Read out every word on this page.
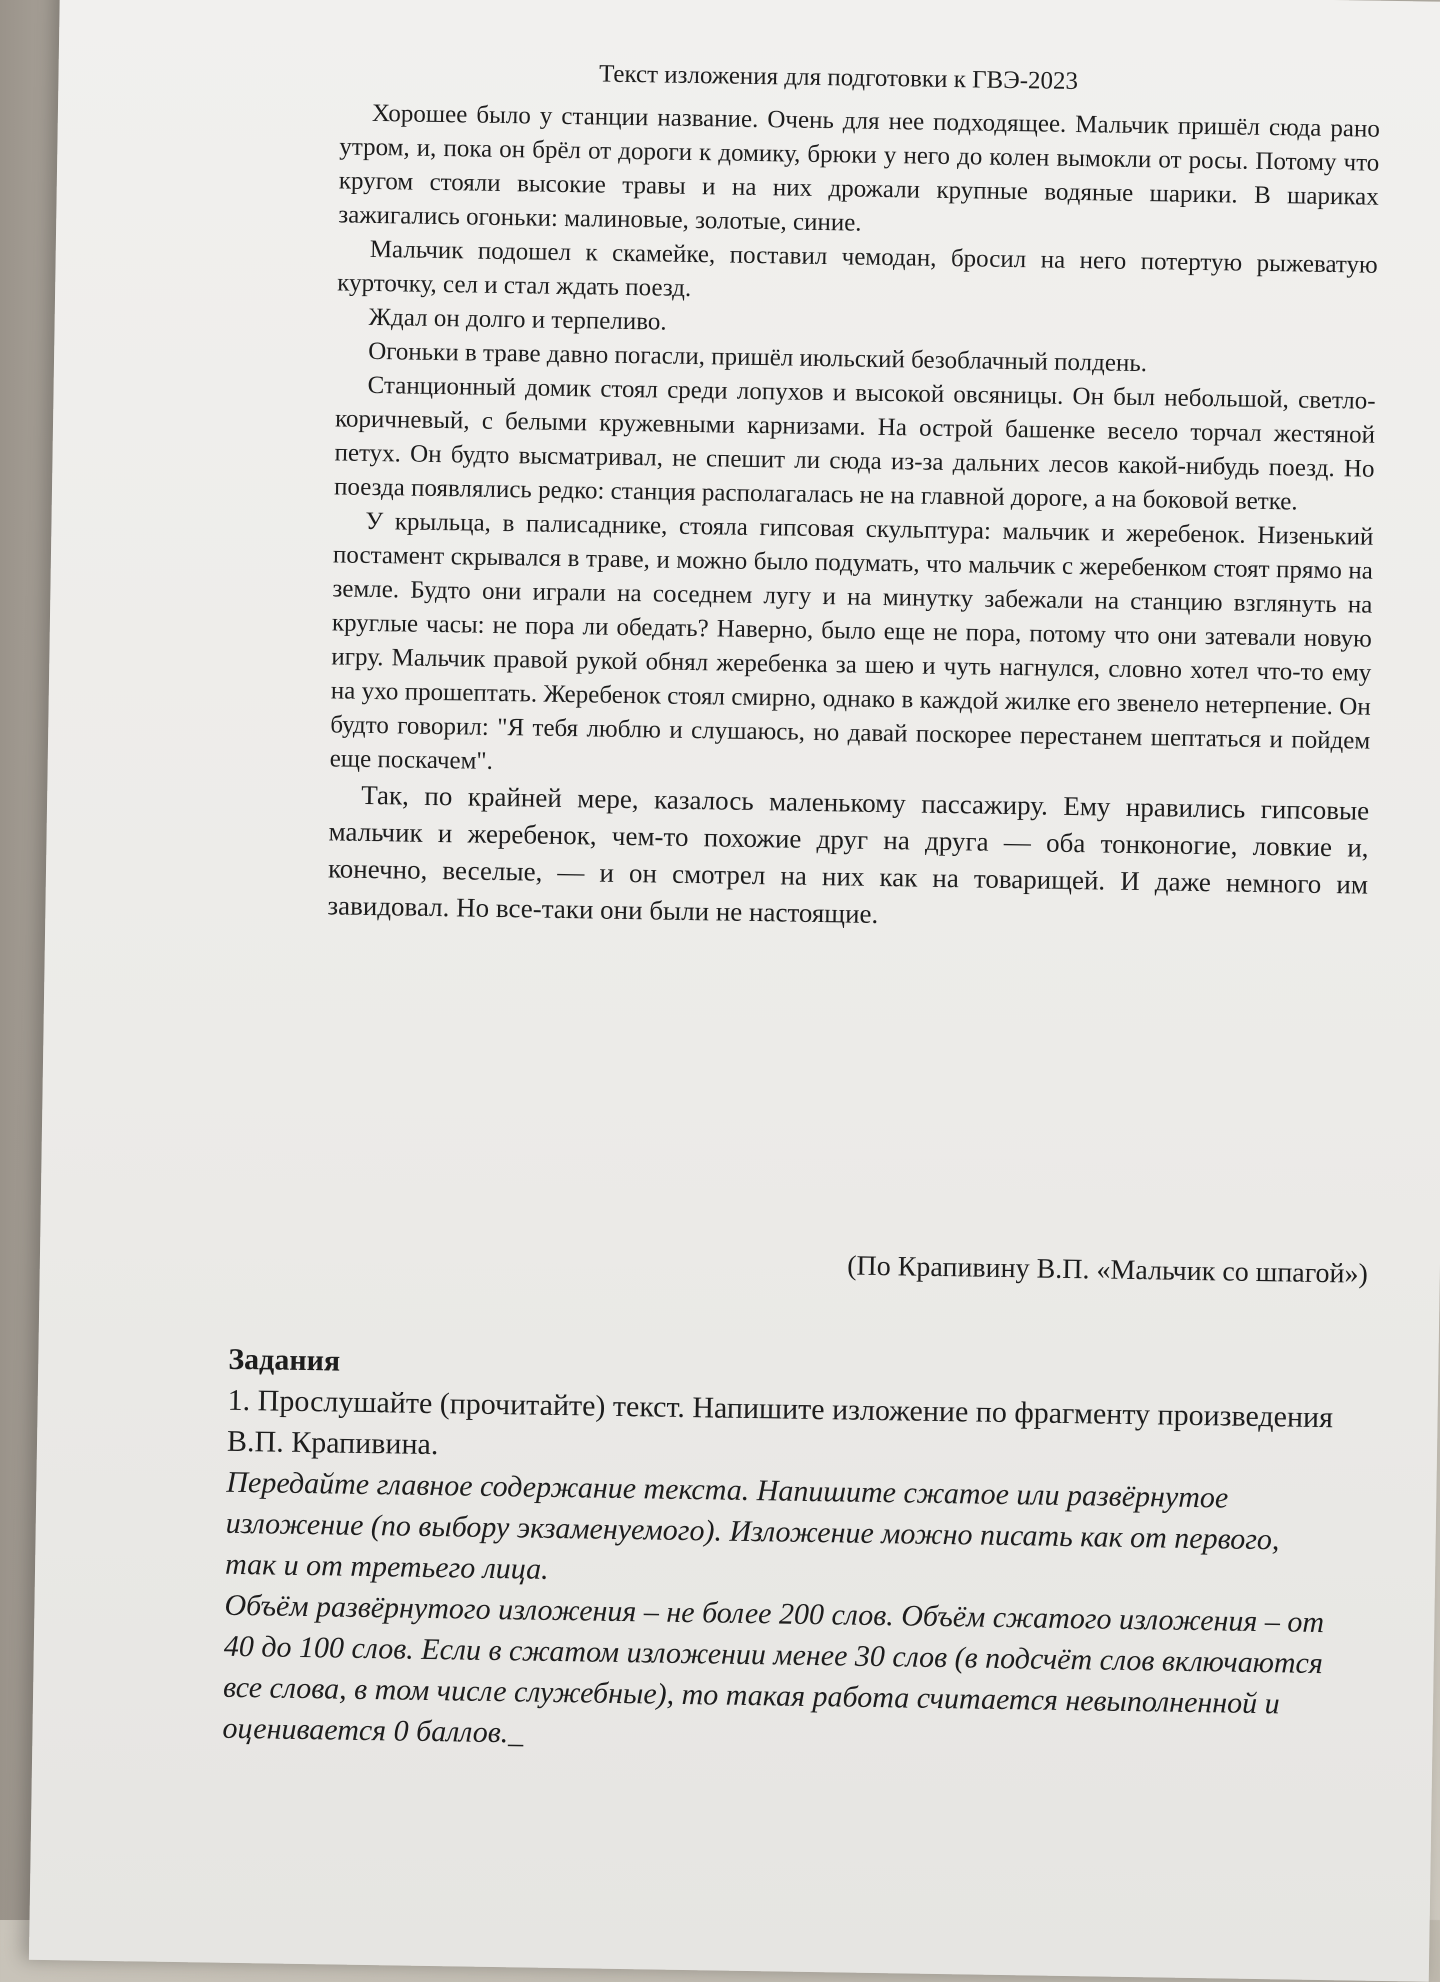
Текст изложения для подготовки к ГВЭ-2023

Хорошее было у станции название. Очень для нее подходящее. Мальчик пришёл сюда рано утром, и, пока он брёл от дороги к домику, брюки у него до колен вымокли от росы. Потому что кругом стояли высокие травы и на них дрожали крупные водяные шарики. В шариках зажигались огоньки: малиновые, золотые, синие.

Мальчик подошел к скамейке, поставил чемодан, бросил на него потертую рыжеватую курточку, сел и стал ждать поезд.

Ждал он долго и терпеливо.

Огоньки в траве давно погасли, пришёл июльский безоблачный полдень.

Станционный домик стоял среди лопухов и высокой овсяницы. Он был небольшой, светло-коричневый, с белыми кружевными карнизами. На острой башенке весело торчал жестяной петух. Он будто высматривал, не спешит ли сюда из-за дальних лесов какой-нибудь поезд. Но поезда появлялись редко: станция располагалась не на главной дороге, а на боковой ветке.

У крыльца, в палисаднике, стояла гипсовая скульптура: мальчик и жеребенок. Низенький постамент скрывался в траве, и можно было подумать, что мальчик с жеребенком стоят прямо на земле. Будто они играли на соседнем лугу и на минутку забежали на станцию взглянуть на круглые часы: не пора ли обедать? Наверно, было еще не пора, потому что они затевали новую игру. Мальчик правой рукой обнял жеребенка за шею и чуть нагнулся, словно хотел что-то ему на ухо прошептать. Жеребенок стоял смирно, однако в каждой жилке его звенело нетерпение. Он будто говорил: "Я тебя люблю и слушаюсь, но давай поскорее перестанем шептаться и пойдем еще поскачем".

Так, по крайней мере, казалось маленькому пассажиру. Ему нравились гипсовые мальчик и жеребенок, чем-то похожие друг на друга — оба тонконогие, ловкие и, конечно, веселые, — и он смотрел на них как на товарищей. И даже немного им завидовал. Но все-таки они были не настоящие.

(По Крапивину В.П. «Мальчик со шпагой»)
Задания
1. Прослушайте (прочитайте) текст. Напишите изложение по фрагменту произведения В.П. Крапивина.
Передайте главное содержание текста. Напишите сжатое или развёрнутое изложение (по выбору экзаменуемого). Изложение можно писать как от первого, так и от третьего лица.
Объём развёрнутого изложения – не более 200 слов. Объём сжатого изложения – от 40 до 100 слов. Если в сжатом изложении менее 30 слов (в подсчёт слов включаются все слова, в том числе служебные), то такая работа считается невыполненной и оценивается 0 баллов._
